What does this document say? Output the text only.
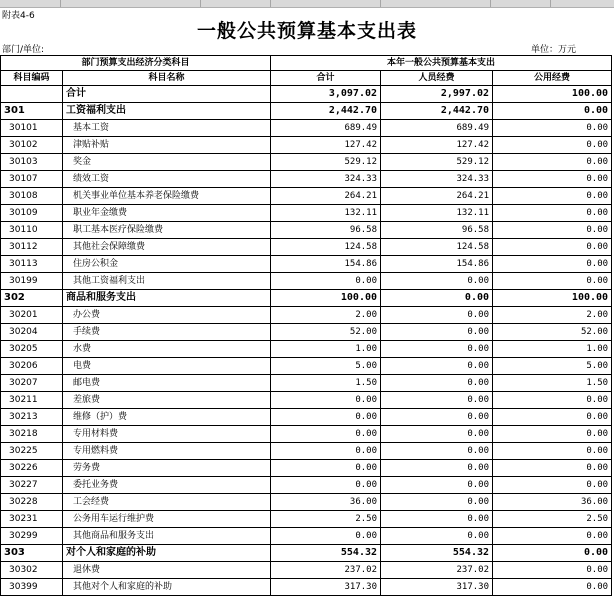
附表4-6
一般公共预算基本支出表
部门/单位:	单位：万元
部门预算支出经济分类科目		本年一般公共预算基本支出		
科目编码	科目名称	合计	人员经费	公用经费
	合计	3,097.02	2,997.02	100.00
301	工资福利支出	2,442.70	2,442.70	0.00
30101	基本工资	689.49	689.49	0.00
30102	津贴补贴	127.42	127.42	0.00
30103	奖金	529.12	529.12	0.00
30107	绩效工资	324.33	324.33	0.00
30108	机关事业单位基本养老保险缴费	264.21	264.21	0.00
30109	职业年金缴费	132.11	132.11	0.00
30110	职工基本医疗保险缴费	96.58	96.58	0.00
30112	其他社会保障缴费	124.58	124.58	0.00
30113	住房公积金	154.86	154.86	0.00
30199	其他工资福利支出	0.00	0.00	0.00
302	商品和服务支出	100.00	0.00	100.00
30201	办公费	2.00	0.00	2.00
30204	手续费	52.00	0.00	52.00
30205	水费	1.00	0.00	1.00
30206	电费	5.00	0.00	5.00
30207	邮电费	1.50	0.00	1.50
30211	差旅费	0.00	0.00	0.00
30213	维修（护）费	0.00	0.00	0.00
30218	专用材料费	0.00	0.00	0.00
30225	专用燃料费	0.00	0.00	0.00
30226	劳务费	0.00	0.00	0.00
30227	委托业务费	0.00	0.00	0.00
30228	工会经费	36.00	0.00	36.00
30231	公务用车运行维护费	2.50	0.00	2.50
30299	其他商品和服务支出	0.00	0.00	0.00
303	对个人和家庭的补助	554.32	554.32	0.00
30302	退休费	237.02	237.02	0.00
30399	其他对个人和家庭的补助	317.30	317.30	0.00
